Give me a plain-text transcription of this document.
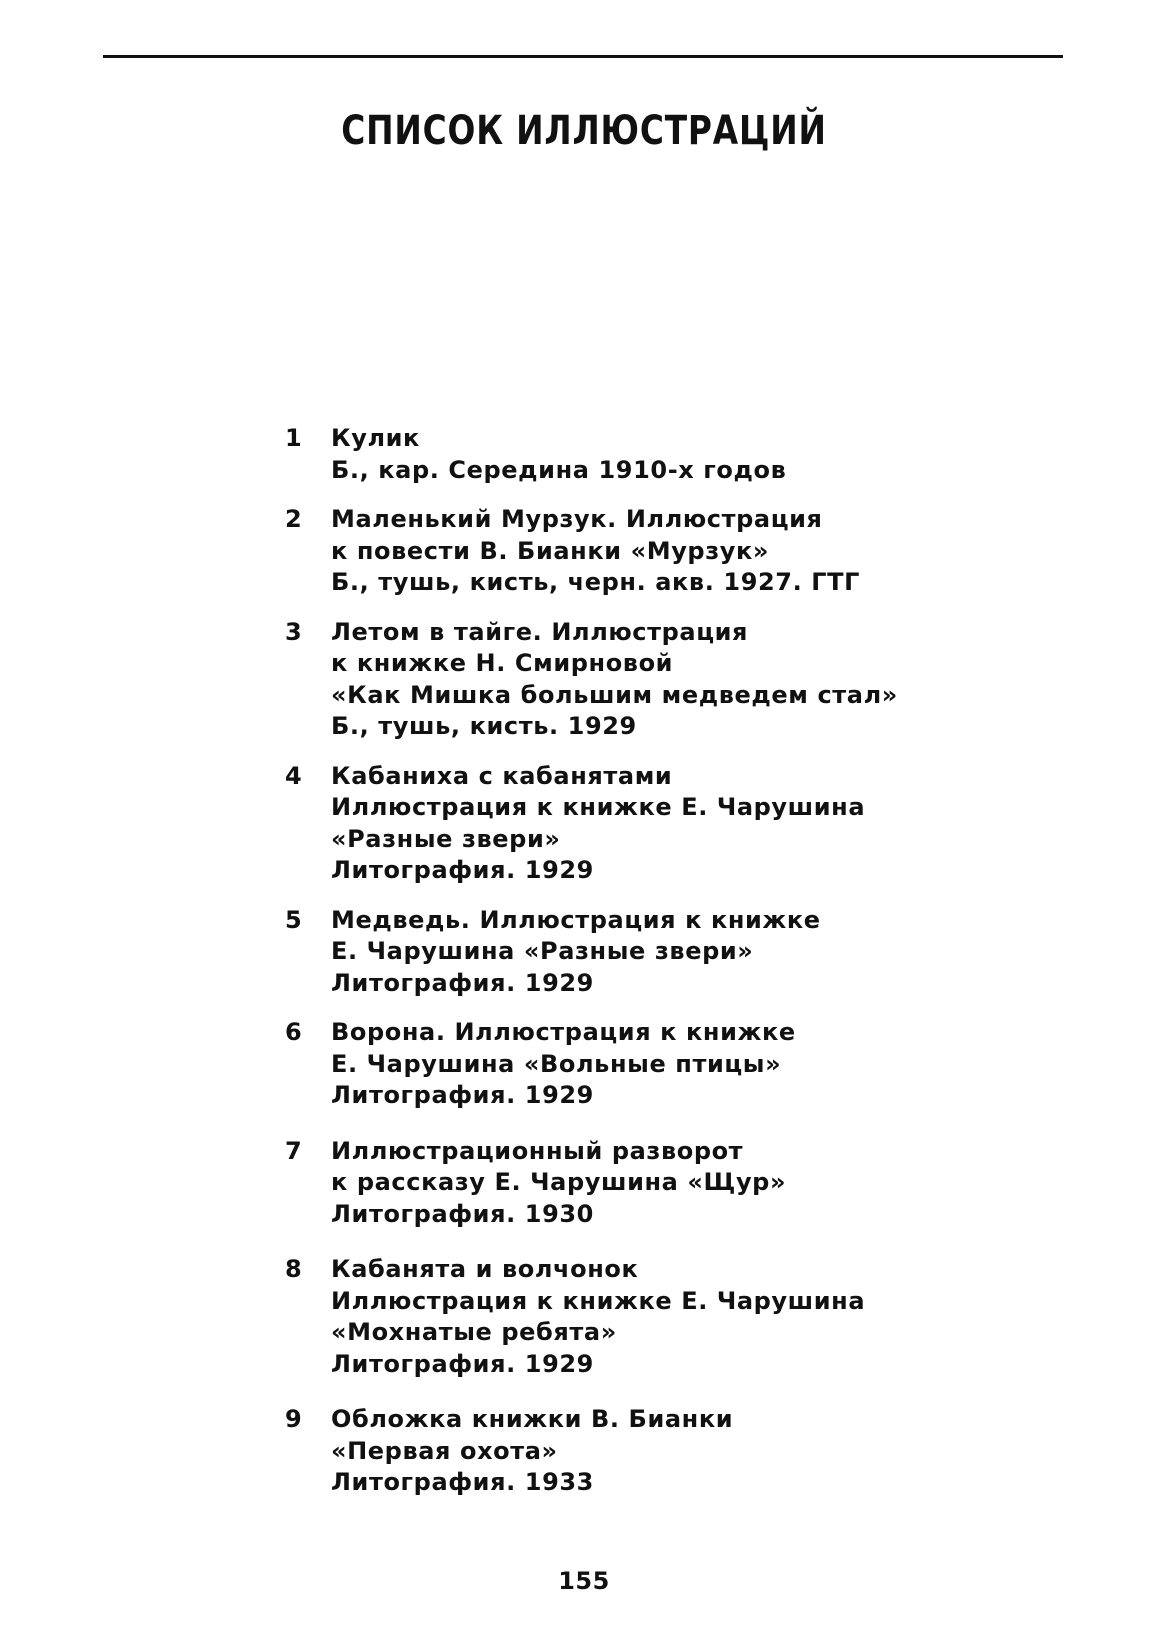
СПИСОК ИЛЛЮСТРАЦИЙ
1	Кулик
Б., кар. Середина 1910-х годов
2	Маленький Мурзук. Иллюстрация
к повести В. Бианки «Мурзук»
Б., тушь, кисть, черн. акв. 1927. ГТГ
3	Летом в тайге. Иллюстрация
к книжке Н. Смирновой
«Как Мишка большим медведем стал»
Б., тушь, кисть. 1929
4	Кабаниха с кабанятами
Иллюстрация к книжке Е. Чарушина
«Разные звери»
Литография. 1929
5	Медведь. Иллюстрация к книжке
Е. Чарушина «Разные звери»
Литография. 1929
6	Ворона. Иллюстрация к книжке
Е. Чарушина «Вольные птицы»
Литография. 1929
7	Иллюстрационный разворот
к рассказу Е. Чарушина «Щур»
Литография. 1930
8	Кабанята и волчонок
Иллюстрация к книжке Е. Чарушина
«Мохнатые ребята»
Литография. 1929
9	Обложка книжки В. Бианки
«Первая охота»
Литография. 1933
155
